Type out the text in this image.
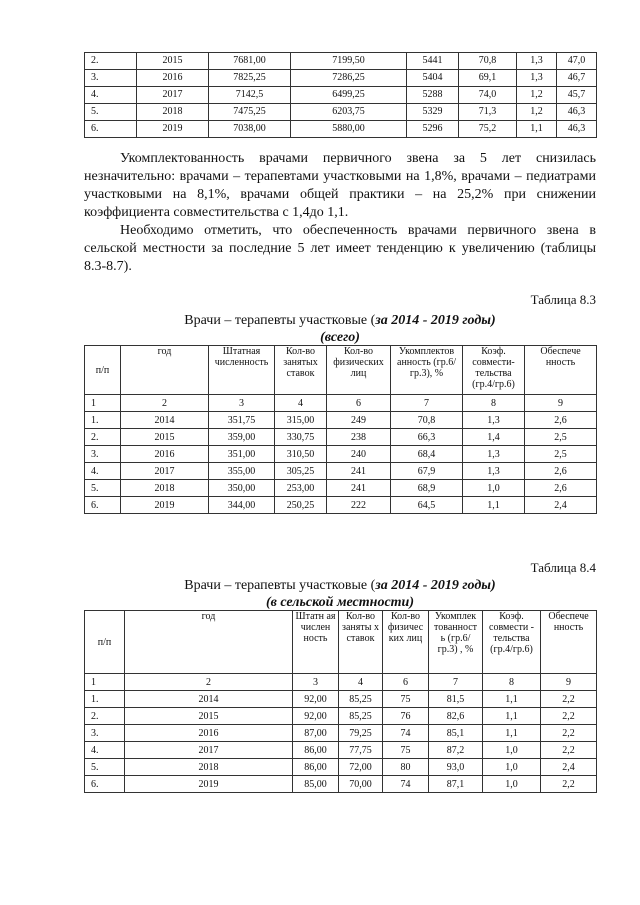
2.	2015	7681,00	7199,50	5441	70,8	1,3	47,0
3.	2016	7825,25	7286,25	5404	69,1	1,3	46,7
4.	2017	7142,5	6499,25	5288	74,0	1,2	45,7
5.	2018	7475,25	6203,75	5329	71,3	1,2	46,3
6.	2019	7038,00	5880,00	5296	75,2	1,1	46,3

Укомплектованность врачами первичного звена за 5 лет снизилась незначительно: врачами – терапевтами участковыми на 1,8%, врачами – педиатрами участковыми на 8,1%, врачами общей практики – на 25,2% при снижении коэффициента совместительства с 1,4до 1,1.

Необходимо отметить, что обеспеченность врачами первичного звена в сельской местности за последние 5 лет имеет тенденцию к увеличению (таблицы 8.3-8.7).

Таблица 8.3

Врачи – терапевты участковые (за 2014 - 2019 годы)

(всего)
п/п	год	Штатная численность	Кол-во занятых ставок	Кол-во физических лиц	Укомплектов анность (гр.6/гр.3), %	Коэф. совмести-тельства (гр.4/гр.6)	Обеспече нность
1	2	3	4	6	7	8	9
1.	2014	351,75	315,00	249	70,8	1,3	2,6
2.	2015	359,00	330,75	238	66,3	1,4	2,5
3.	2016	351,00	310,50	240	68,4	1,3	2,5
4.	2017	355,00	305,25	241	67,9	1,3	2,6
5.	2018	350,00	253,00	241	68,9	1,0	2,6
6.	2019	344,00	250,25	222	64,5	1,1	2,4
Таблица 8.4

Врачи – терапевты участковые (за 2014 - 2019 годы)

(в сельской местности)
п/п	год	Штатн ая числен ность	Кол-во заняты х ставок	Кол-во физичес ких лиц	Укомплек тованност ь (гр.6/гр.3) , %	Коэф. совмести - тельства (гр.4/гр.6)	Обеспече нность
1	2	3	4	6	7	8	9
1.	2014	92,00	85,25	75	81,5	1,1	2,2
2.	2015	92,00	85,25	76	82,6	1,1	2,2
3.	2016	87,00	79,25	74	85,1	1,1	2,2
4.	2017	86,00	77,75	75	87,2	1,0	2,2
5.	2018	86,00	72,00	80	93,0	1,0	2,4
6.	2019	85,00	70,00	74	87,1	1,0	2,2
